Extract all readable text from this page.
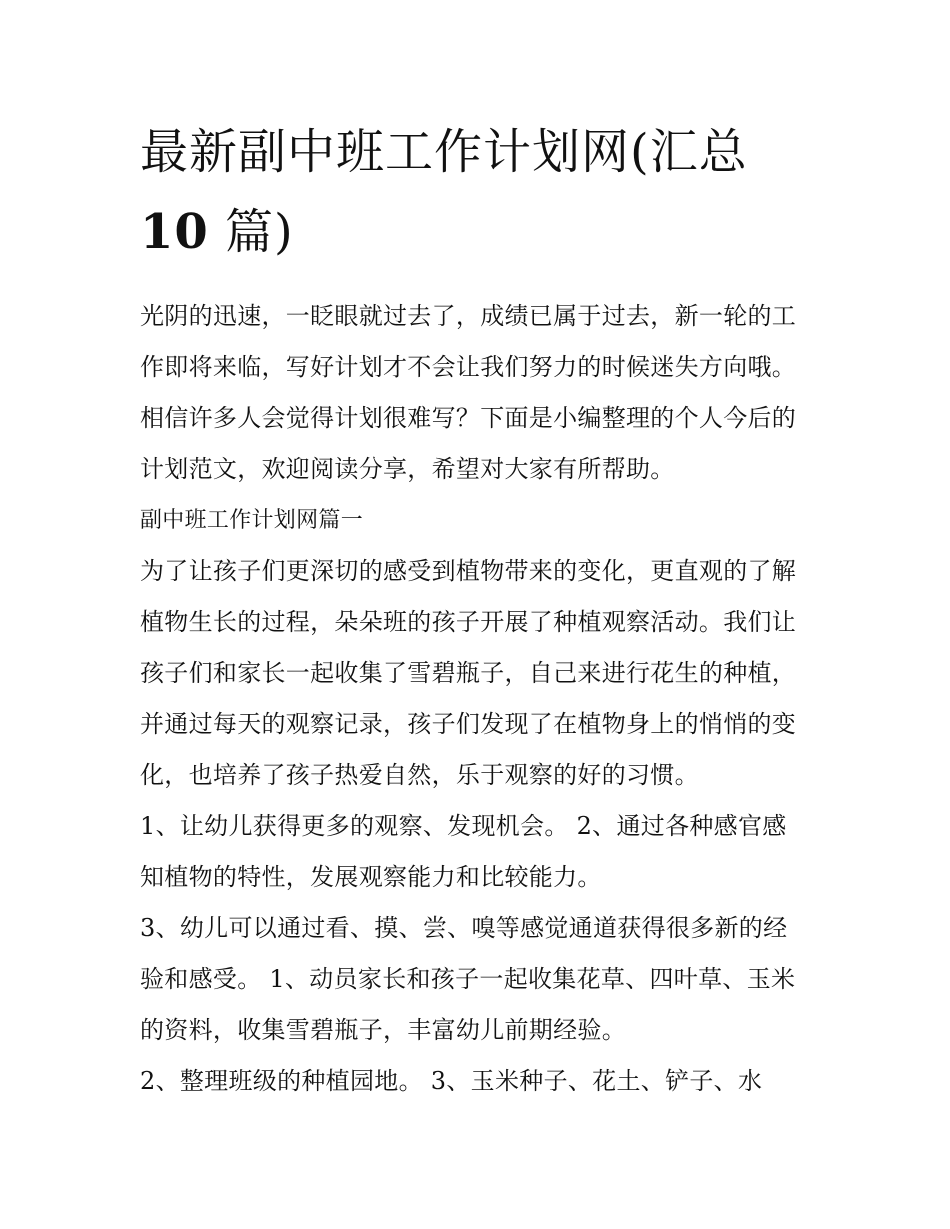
最新副中班工作计划网(汇总
10 篇)
光阴的迅速，一眨眼就过去了，成绩已属于过去，新一轮的工
作即将来临，写好计划才不会让我们努力的时候迷失方向哦。
相信许多人会觉得计划很难写？下面是小编整理的个人今后的
计划范文，欢迎阅读分享，希望对大家有所帮助。
副中班工作计划网篇一
为了让孩子们更深切的感受到植物带来的变化，更直观的了解
植物生长的过程，朵朵班的孩子开展了种植观察活动。我们让
孩子们和家长一起收集了雪碧瓶子，自己来进行花生的种植，
并通过每天的观察记录，孩子们发现了在植物身上的悄悄的变
化，也培养了孩子热爱自然，乐于观察的好的习惯。
1、让幼儿获得更多的观察、发现机会。 2、通过各种感官感
知植物的特性，发展观察能力和比较能力。
3、幼儿可以通过看、摸、尝、嗅等感觉通道获得很多新的经
验和感受。 1、动员家长和孩子一起收集花草、四叶草、玉米
的资料，收集雪碧瓶子，丰富幼儿前期经验。
2、整理班级的种植园地。 3、玉米种子、花土、铲子、水
